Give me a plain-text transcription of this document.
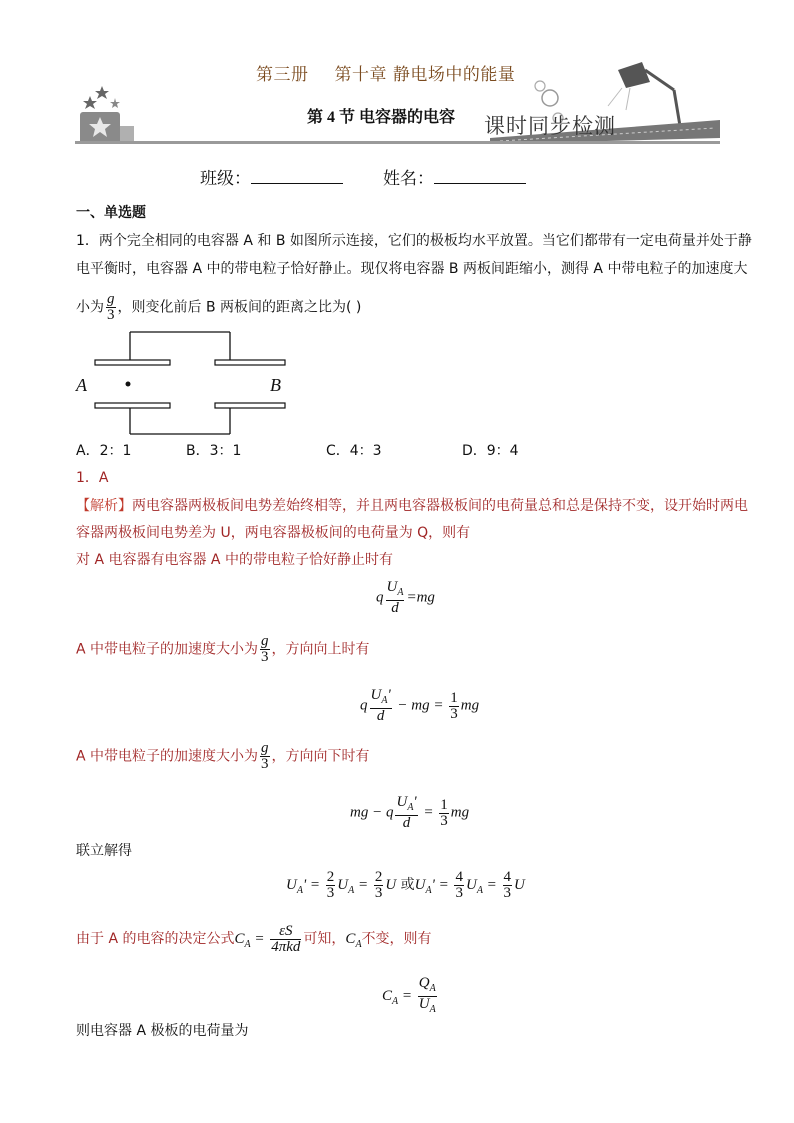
第三册 第十章 静电场中的能量
第 4 节 电容器的电容 课时同步检测
班级：	姓名：
一、单选题
1．两个完全相同的电容器 A 和 B 如图所示连接，它们的极板均水平放置。当它们都带有一定电荷量并处于静
电平衡时，电容器 A 中的带电粒子恰好静止。现仅将电容器 B 两板间距缩小，测得 A 中带电粒子的加速度大
小为 $\frac{g}{3}$ ，则变化前后 B 两板间的距离之比为( )
A	B
A．2：1	B．3：1	C．4：3	D．9：4
1．A
【解析】两电容器两极板间电势差始终相等，并且两电容器极板间的电荷量总和总是保持不变，设开始时两电
容器两极板间电势差为 U，两电容器极板间的电荷量为 Q，则有
对 A 电容器有电容器 A 中的带电粒子恰好静止时有
q $\frac{U_A}{d} =mg$
A 中带电粒子的加速度大小为 $\frac{g}{3}$ ，方向向上时有
q $\frac{U_A'}{d}$ − mg = $\frac{1}{3}$ mg
A 中带电粒子的加速度大小为 $\frac{g}{3}$ ，方向向下时有
mg − q $\frac{U_A'}{d} = \frac{1}{3}$ mg
联立解得
$U_A' = \frac{2}{3} U_A = \frac{2}{3}$ U 或$U_A' = \frac{4}{3} U_A = \frac{4}{3}$ U
由于 A 的电容的决定公式$C_A = \frac{\varepsilon S}{\text{4πkd}}$ 可知，$C_A$不变，则有
$C_A = \frac{Q_A}{U_A}$
则电容器 A 极板的电荷量为
